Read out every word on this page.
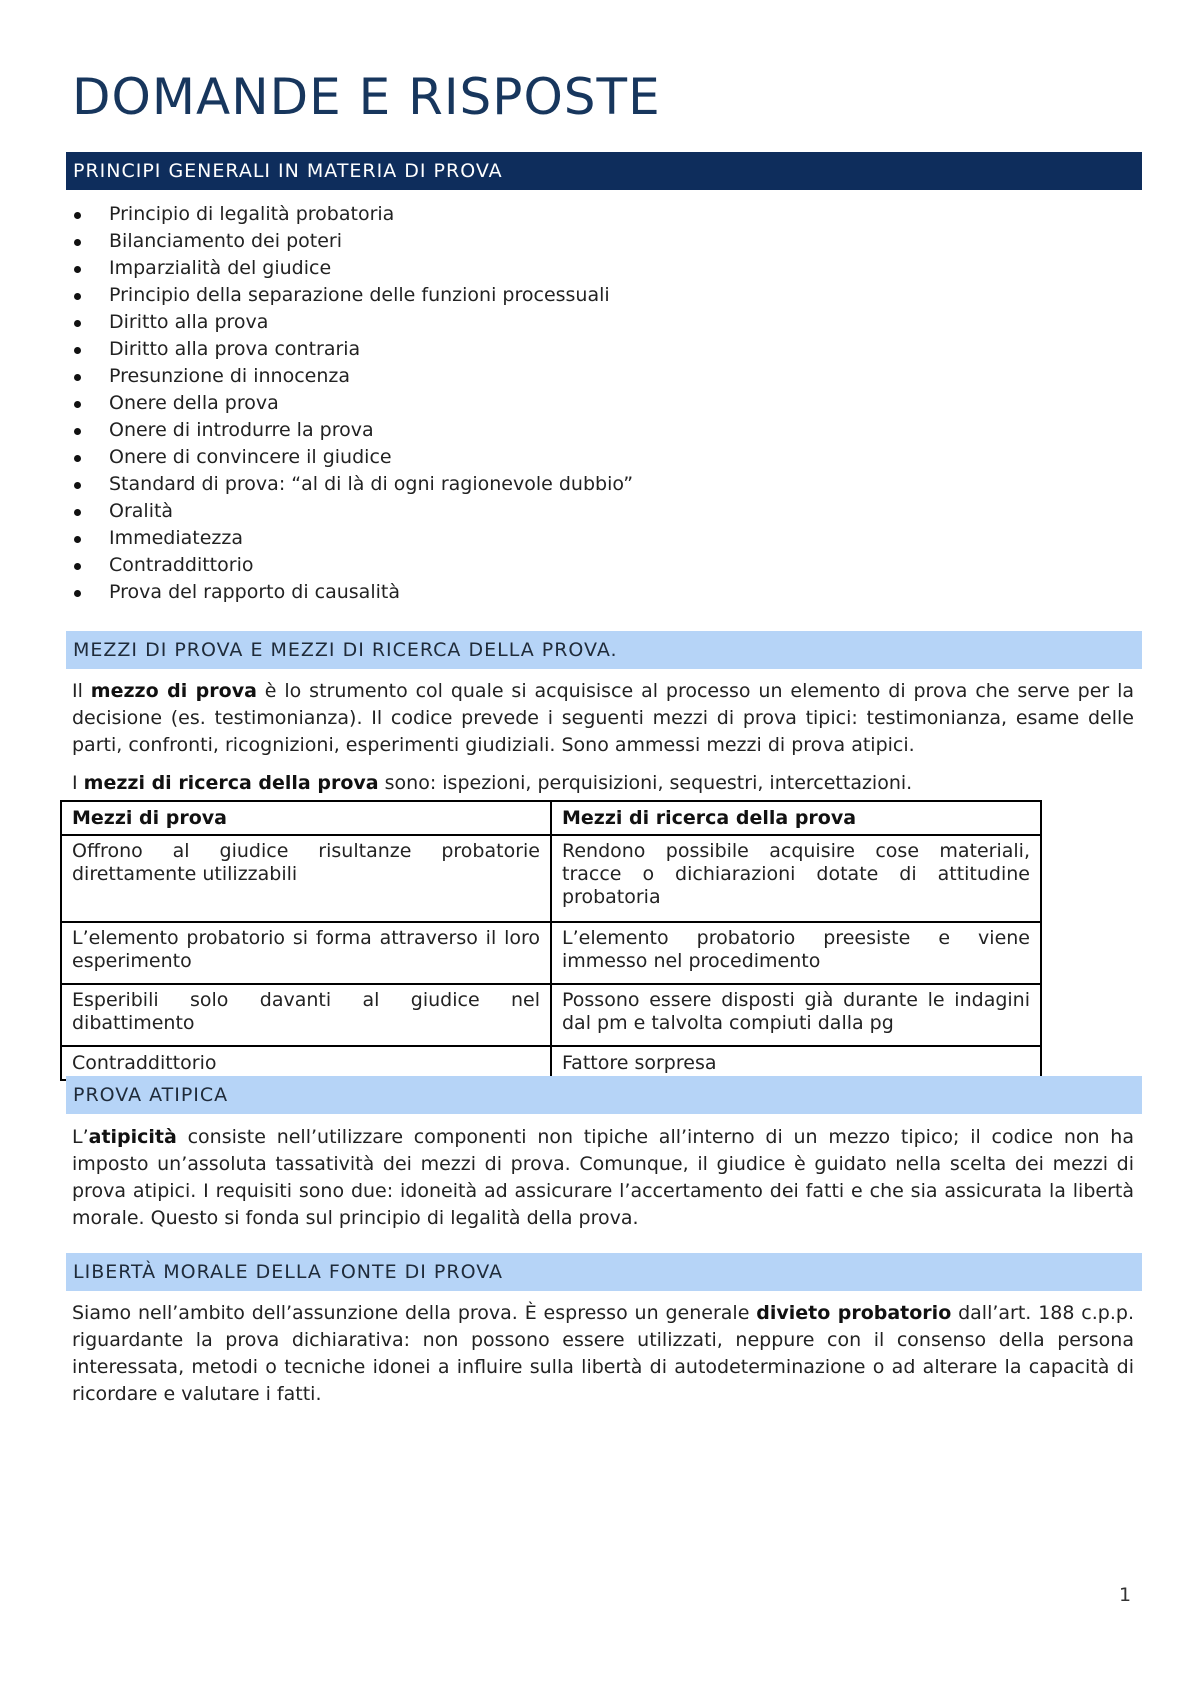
DOMANDE E RISPOSTE
PRINCIPI GENERALI IN MATERIA DI PROVA
Principio di legalità probatoria
Bilanciamento dei poteri
Imparzialità del giudice
Principio della separazione delle funzioni processuali
Diritto alla prova
Diritto alla prova contraria
Presunzione di innocenza
Onere della prova
Onere di introdurre la prova
Onere di convincere il giudice
Standard di prova: “al di là di ogni ragionevole dubbio”
Oralità
Immediatezza
Contraddittorio
Prova del rapporto di causalità
MEZZI DI PROVA E MEZZI DI RICERCA DELLA PROVA.

Il mezzo di prova è lo strumento col quale si acquisisce al processo un elemento di prova che serve per la decisione (es. testimonianza). Il codice prevede i seguenti mezzi di prova tipici: testimonianza, esame delle parti, confronti, ricognizioni, esperimenti giudiziali. Sono ammessi mezzi di prova atipici.

I mezzi di ricerca della prova sono: ispezioni, perquisizioni, sequestri, intercettazioni.

Mezzi di prova	Mezzi di ricerca della prova
Offrono al giudice risultanze probatorie direttamente utilizzabili	Rendono possibile acquisire cose materiali, tracce o dichiarazioni dotate di attitudine probatoria
L’elemento probatorio si forma attraverso il loro esperimento	L’elemento probatorio preesiste e viene immesso nel procedimento
Esperibili solo davanti al giudice nel dibattimento	Possono essere disposti già durante le indagini dal pm e talvolta compiuti dalla pg
Contraddittorio	Fattore sorpresa
PROVA ATIPICA

L’atipicità consiste nell’utilizzare componenti non tipiche all’interno di un mezzo tipico; il codice non ha imposto un’assoluta tassatività dei mezzi di prova. Comunque, il giudice è guidato nella scelta dei mezzi di prova atipici. I requisiti sono due: idoneità ad assicurare l’accertamento dei fatti e che sia assicurata la libertà morale. Questo si fonda sul principio di legalità della prova.

LIBERTÀ MORALE DELLA FONTE DI PROVA

Siamo nell’ambito dell’assunzione della prova. È espresso un generale divieto probatorio dall’art. 188 c.p.p. riguardante la prova dichiarativa: non possono essere utilizzati, neppure con il consenso della persona interessata, metodi o tecniche idonei a influire sulla libertà di autodeterminazione o ad alterare la capacità di ricordare e valutare i fatti.

1
